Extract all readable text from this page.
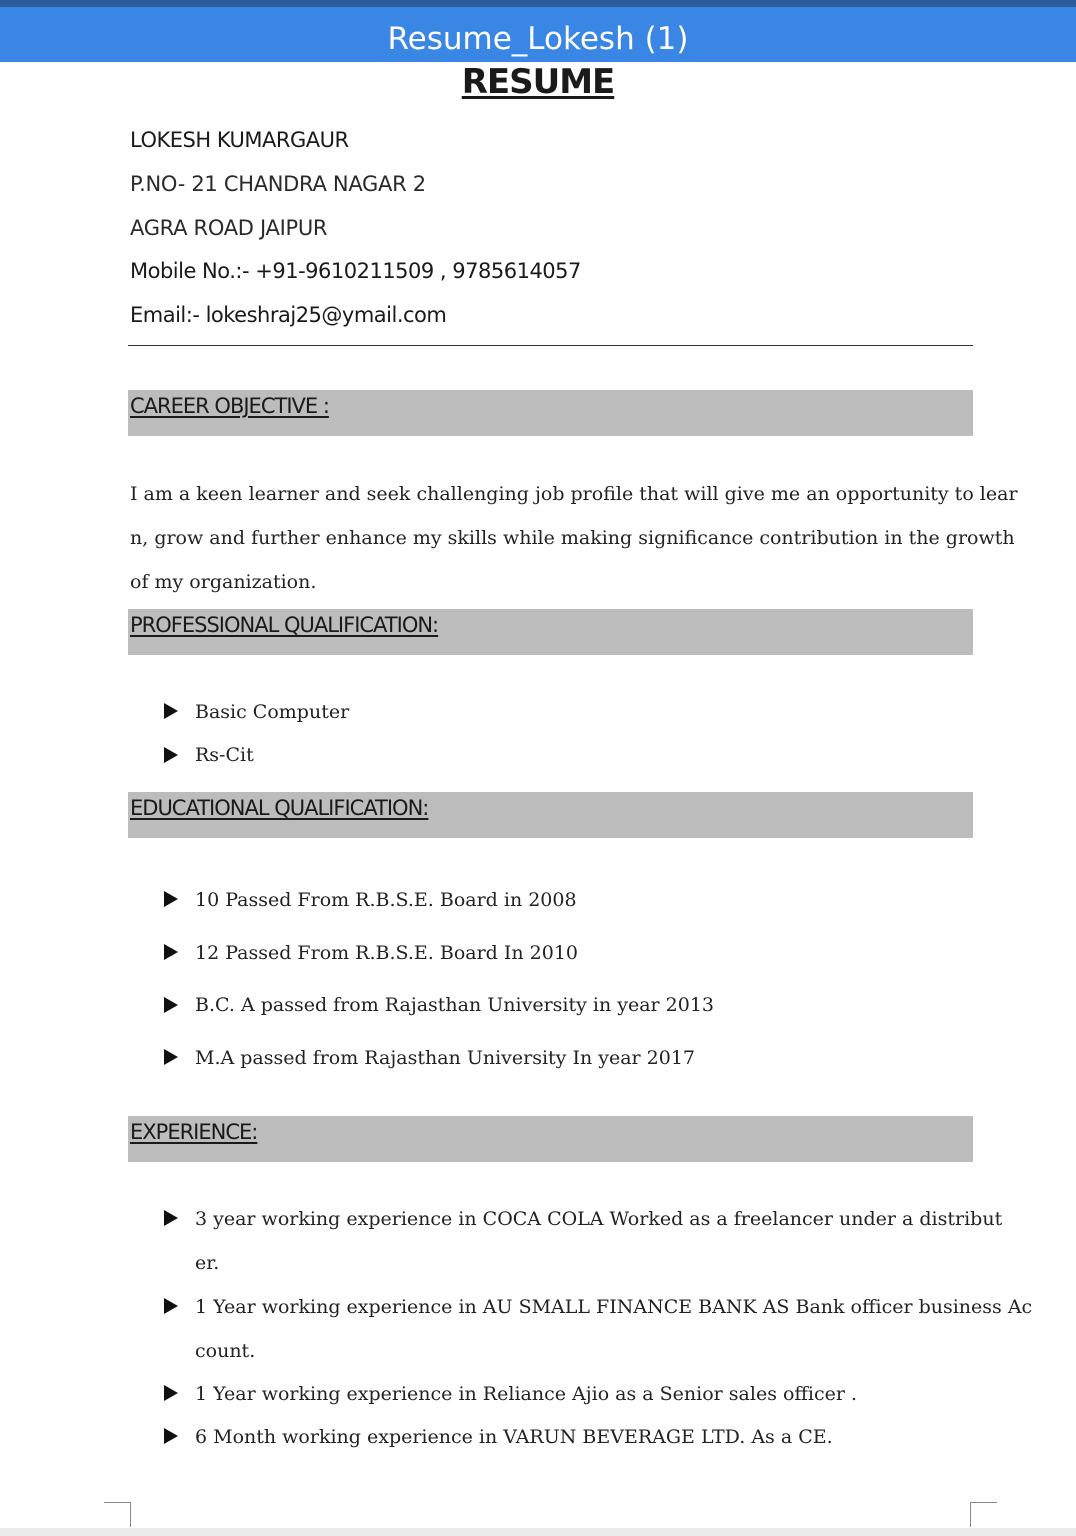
Resume_Lokesh (1)
RESUME
LOKESH KUMARGAUR
P.NO- 21 CHANDRA NAGAR 2
AGRA ROAD JAIPUR
Mobile No.:- +91-9610211509 , 9785614057
Email:- lokeshraj25@ymail.com
CAREER OBJECTIVE :
I am a keen learner and seek challenging job profile that will give me an opportunity to lear
n, grow and further enhance my skills while making significance contribution in the growth
of my organization.
PROFESSIONAL QUALIFICATION:
Basic Computer
Rs-Cit
EDUCATIONAL QUALIFICATION:
10 Passed From R.B.S.E. Board in 2008
12 Passed From R.B.S.E. Board In 2010
B.C. A passed from Rajasthan University in year 2013
M.A passed from Rajasthan University In year 2017
EXPERIENCE:
3 year working experience in COCA COLA Worked as a freelancer under a distribut
er.
1 Year working experience in AU SMALL FINANCE BANK AS Bank officer business Ac
count.
1 Year working experience in Reliance Ajio as a Senior sales officer .
6 Month working experience in VARUN BEVERAGE LTD. As a CE.
